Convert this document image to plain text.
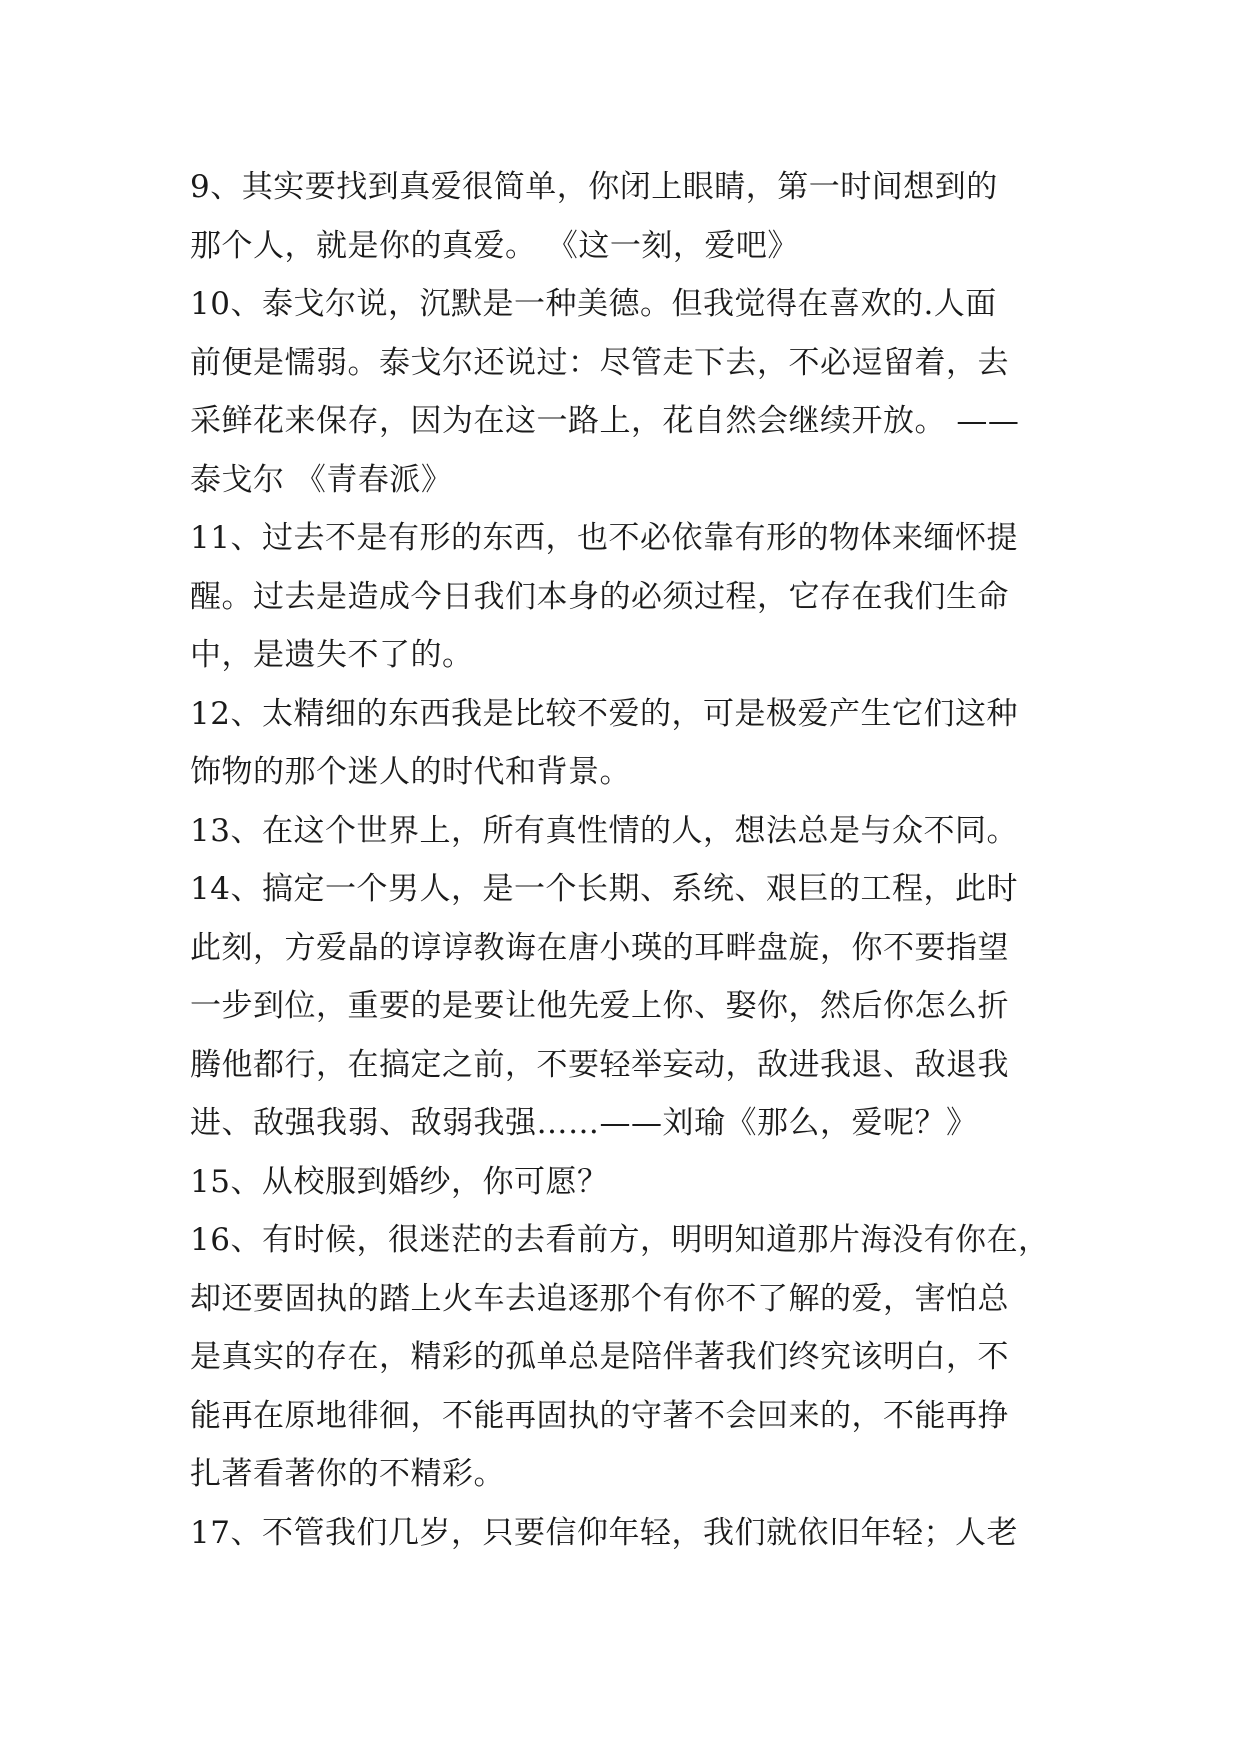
9、其实要找到真爱很简单，你闭上眼睛，第一时间想到的
那个人，就是你的真爱。 《这一刻，爱吧》
10、泰戈尔说，沉默是一种美德。但我觉得在喜欢的.人面
前便是懦弱。泰戈尔还说过：尽管走下去，不必逗留着，去
采鲜花来保存，因为在这一路上，花自然会继续开放。 ——
泰戈尔 《青春派》
11、过去不是有形的东西，也不必依靠有形的物体来缅怀提
醒。过去是造成今日我们本身的必须过程，它存在我们生命
中，是遗失不了的。
12、太精细的东西我是比较不爱的，可是极爱产生它们这种
饰物的那个迷人的时代和背景。
13、在这个世界上，所有真性情的人，想法总是与众不同。
14、搞定一个男人，是一个长期、系统、艰巨的工程，此时
此刻，方爱晶的谆谆教诲在唐小瑛的耳畔盘旋，你不要指望
一步到位，重要的是要让他先爱上你、娶你，然后你怎么折
腾他都行，在搞定之前，不要轻举妄动，敌进我退、敌退我
进、敌强我弱、敌弱我强……——刘瑜《那么，爱呢？》
15、从校服到婚纱，你可愿？
16、有时候，很迷茫的去看前方，明明知道那片海没有你在，
却还要固执的踏上火车去追逐那个有你不了解的爱，害怕总
是真实的存在，精彩的孤单总是陪伴著我们终究该明白，不
能再在原地徘徊，不能再固执的守著不会回来的，不能再挣
扎著看著你的不精彩。
17、不管我们几岁，只要信仰年轻，我们就依旧年轻；人老
